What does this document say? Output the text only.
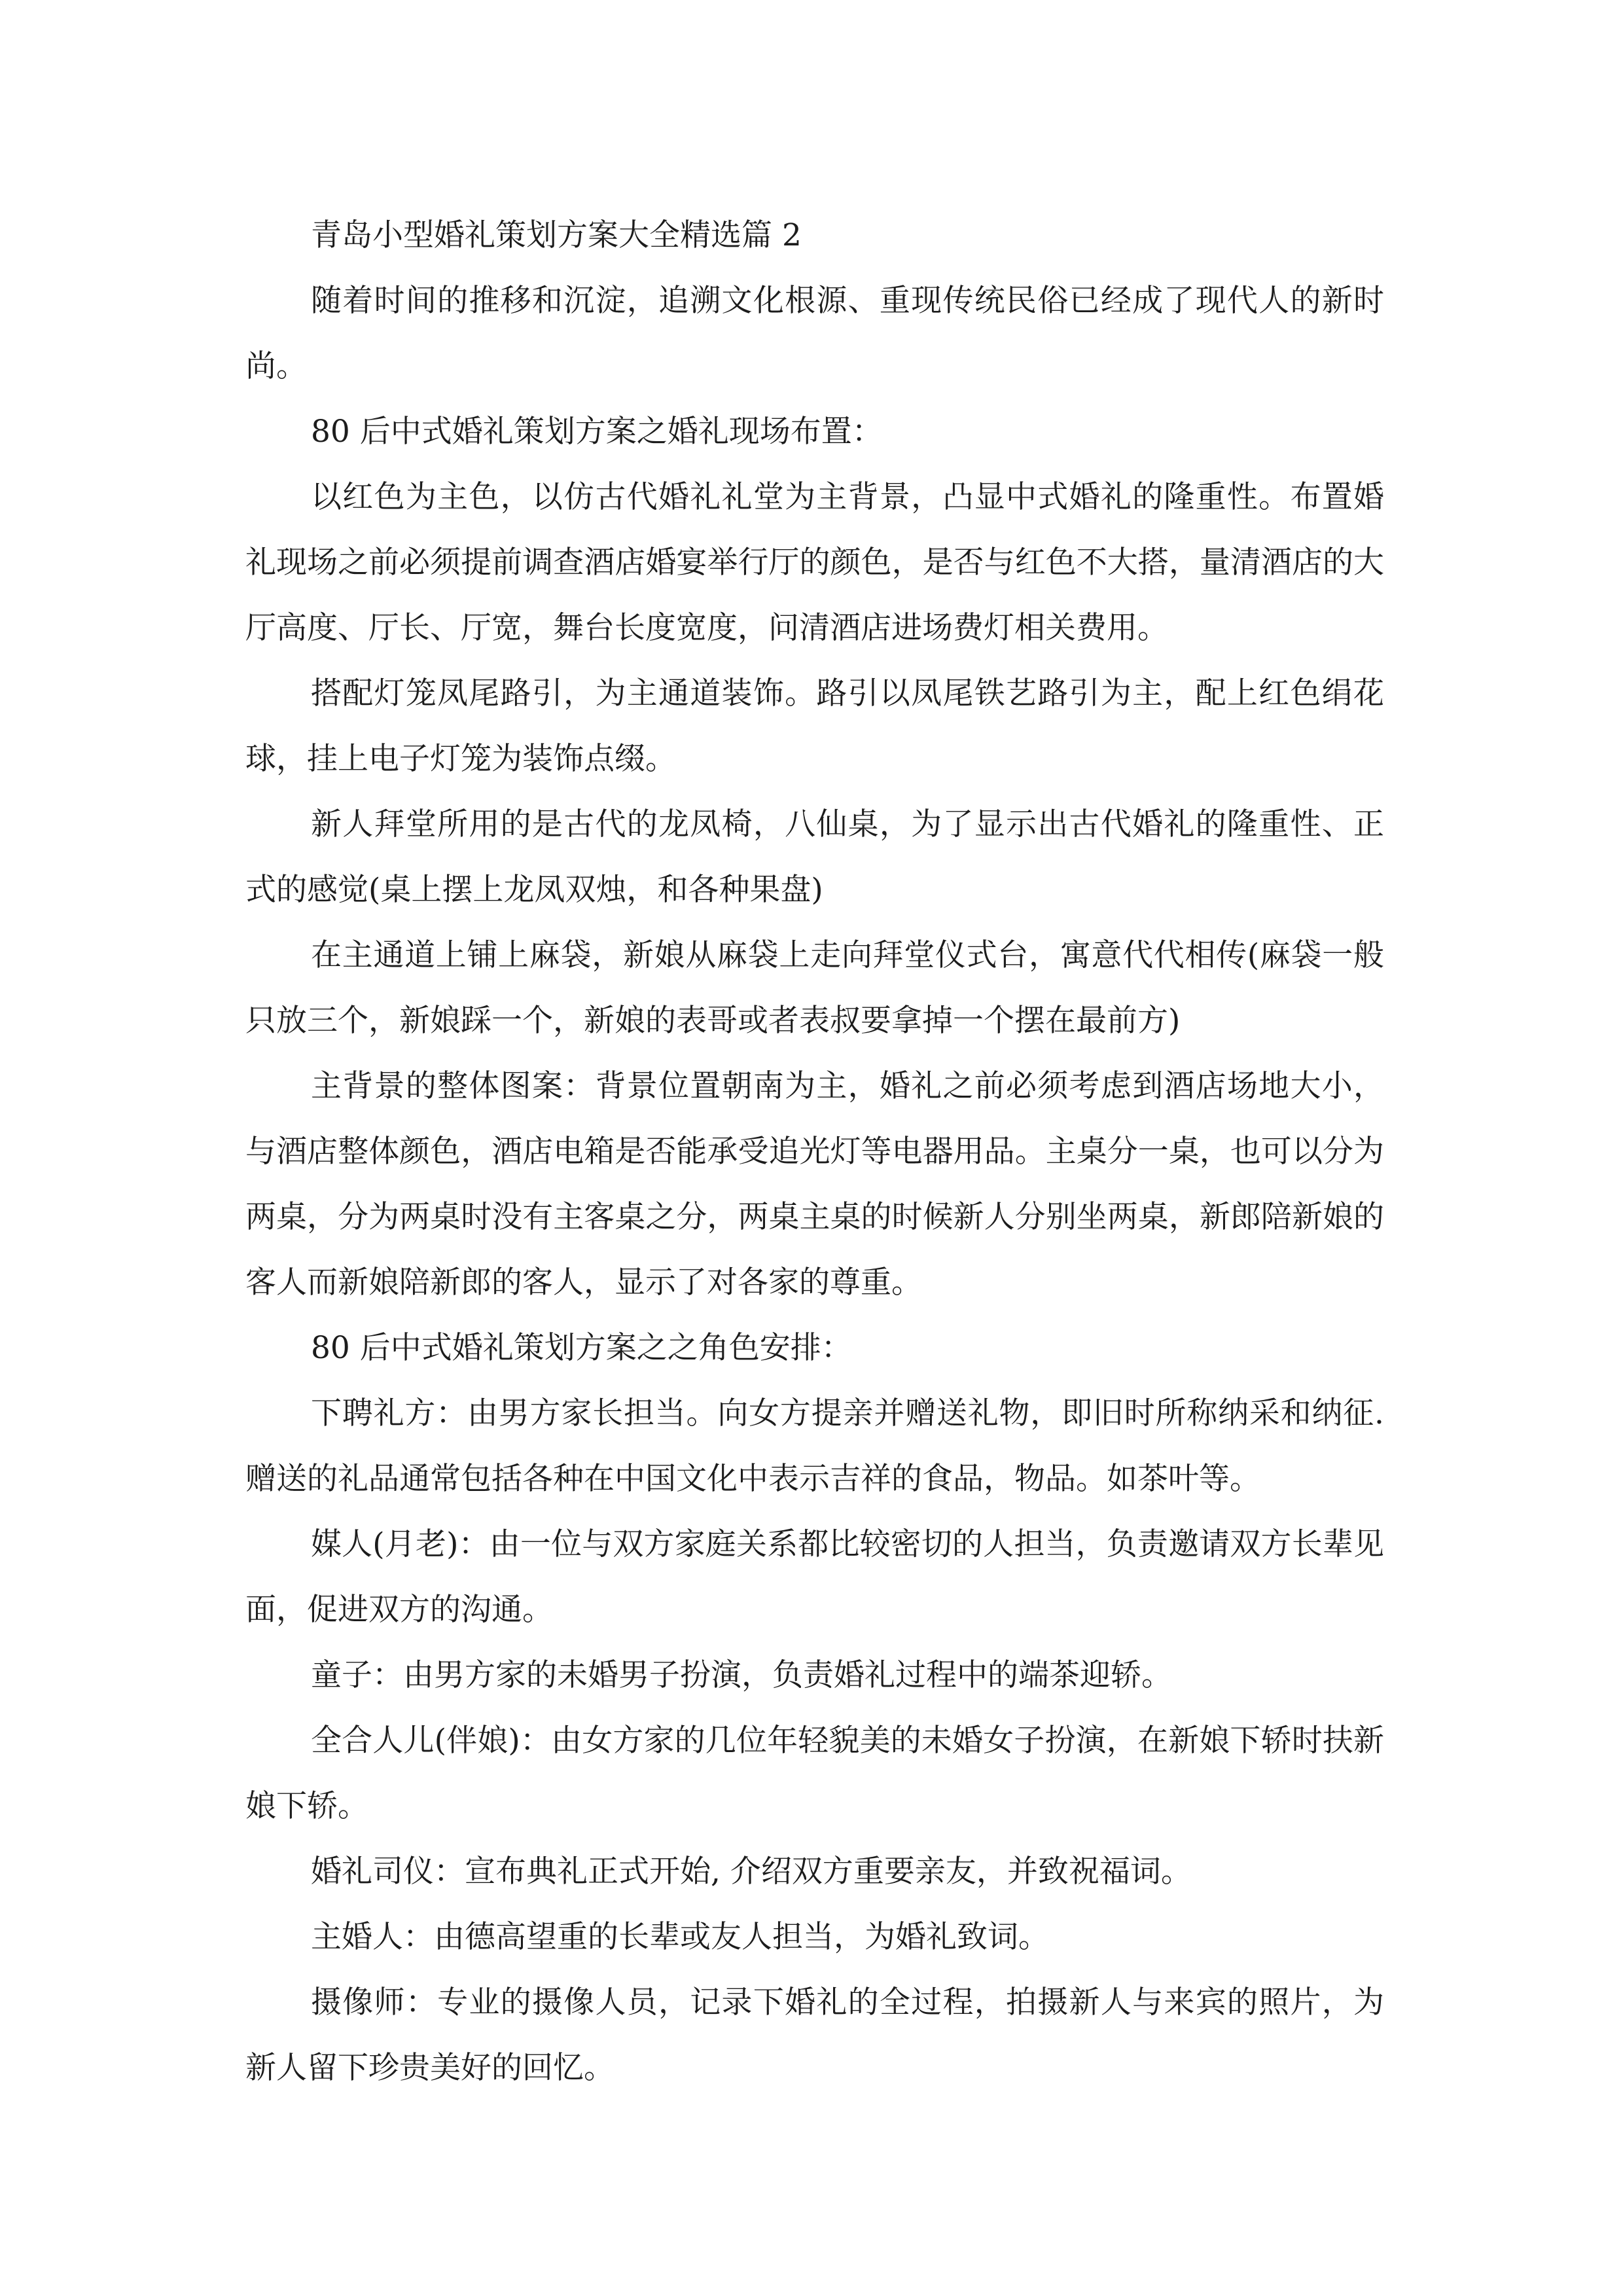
青岛小型婚礼策划方案大全精选篇 2

随着时间的推移和沉淀，追溯文化根源、重现传统民俗已经成了现代人的新时尚。

80 后中式婚礼策划方案之婚礼现场布置：

以红色为主色，以仿古代婚礼礼堂为主背景，凸显中式婚礼的隆重性。布置婚礼现场之前必须提前调查酒店婚宴举行厅的颜色，是否与红色不大搭，量清酒店的大厅高度、厅长、厅宽，舞台长度宽度，问清酒店进场费灯相关费用。

搭配灯笼凤尾路引，为主通道装饰。路引以凤尾铁艺路引为主，配上红色绢花球，挂上电子灯笼为装饰点缀。

新人拜堂所用的是古代的龙凤椅，八仙桌，为了显示出古代婚礼的隆重性、正式的感觉(桌上摆上龙凤双烛，和各种果盘)

在主通道上铺上麻袋，新娘从麻袋上走向拜堂仪式台，寓意代代相传(麻袋一般只放三个，新娘踩一个，新娘的表哥或者表叔要拿掉一个摆在最前方)

主背景的整体图案：背景位置朝南为主，婚礼之前必须考虑到酒店场地大小，与酒店整体颜色，酒店电箱是否能承受追光灯等电器用品。主桌分一桌，也可以分为两桌，分为两桌时没有主客桌之分，两桌主桌的时候新人分别坐两桌，新郎陪新娘的客人而新娘陪新郎的客人，显示了对各家的尊重。

80 后中式婚礼策划方案之之角色安排：

下聘礼方：由男方家长担当。向女方提亲并赠送礼物，即旧时所称纳采和纳征. 赠送的礼品通常包括各种在中国文化中表示吉祥的食品，物品。如茶叶等。

媒人(月老)：由一位与双方家庭关系都比较密切的人担当，负责邀请双方长辈见面，促进双方的沟通。

童子：由男方家的未婚男子扮演，负责婚礼过程中的端茶迎轿。

全合人儿(伴娘)：由女方家的几位年轻貌美的未婚女子扮演，在新娘下轿时扶新娘下轿。

婚礼司仪：宣布典礼正式开始, 介绍双方重要亲友，并致祝福词。

主婚人：由德高望重的长辈或友人担当，为婚礼致词。

摄像师：专业的摄像人员，记录下婚礼的全过程，拍摄新人与来宾的照片，为新人留下珍贵美好的回忆。
